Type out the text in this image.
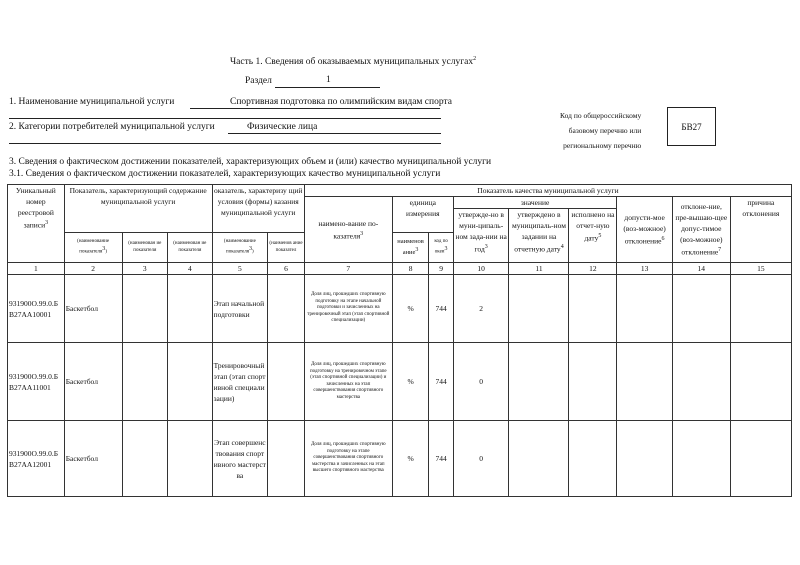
Часть 1. Сведения об оказываемых муниципальных услугах$^2$
Раздел	1
1. Наименование муниципальной услуги	Спортивная подготовка по олимпийским видам спорта
2. Категории потребителей муниципальной услуги	Физические лица
Код по общероссийскому
базовому перечню или
региональному перечню
БВ27
3. Сведения о фактическом достижении показателей, характеризующих объем и (или) качество муниципальной услуги
3.1. Сведения о фактическом достижении показателей, характеризующих качество муниципальной услуги
Уникальный номер реестровой записи$^3$	Показатель, характеризующий содержание муниципальной услуги			оказатель, характеризу щий условия (формы) казания муниципальной услуги		Показатель качества муниципальной услуги								
						наимено-вание по-казателя$^3$	единица измерения		значение			допусти-мое (воз-можное) отклонение$^6$	отклоне-ние, пре-вышаю-щее допус-тимое (воз-можное) отклонение$^7$	причина отклонения
									утвержде-но в муни-ципаль-ном зада-нии на год$^3$	утверждено в муниципаль-ном задании на отчетную дату$^4$	исполнено на отчет-ную дату$^5$
	(наименование показателя$^3$)	(наименован ие показателя	(наименован ие показателя	(наименование показателя$^3$)	(наименов ание показател		наименов ание$^3$	код по океи$^3$
1	2	3	4	5	6	7	8	9	10	11	12	13	14	15
931900О.99.0.БВ27АА10001	Баскетбол			Этап начальной подготовки		Доля лиц, прошедших спортивную подготовку на этапе начальной подготовки и зачисленных на тренировочный этап (этап спортивной специализации)	%	744	2					
931900О.99.0.БВ27АА11001	Баскетбол			Тренировочный этап (этап спортивной специализации)		Доля лиц, прошедших спортивную подготовку на тренировочном этапе (этап спортивной специализации) и зачисленных на этап совершенствования спортивного мастерства	%	744	0					
931900О.99.0.БВ27АА12001	Баскетбол			Этап совершенствования спортивного мастерства		Доля лиц, прошедших спортивную подготовку на этапе совершенствования спортивного мастерства и зачисленных на этап высшего спортивного мастерства	%	744	0					
